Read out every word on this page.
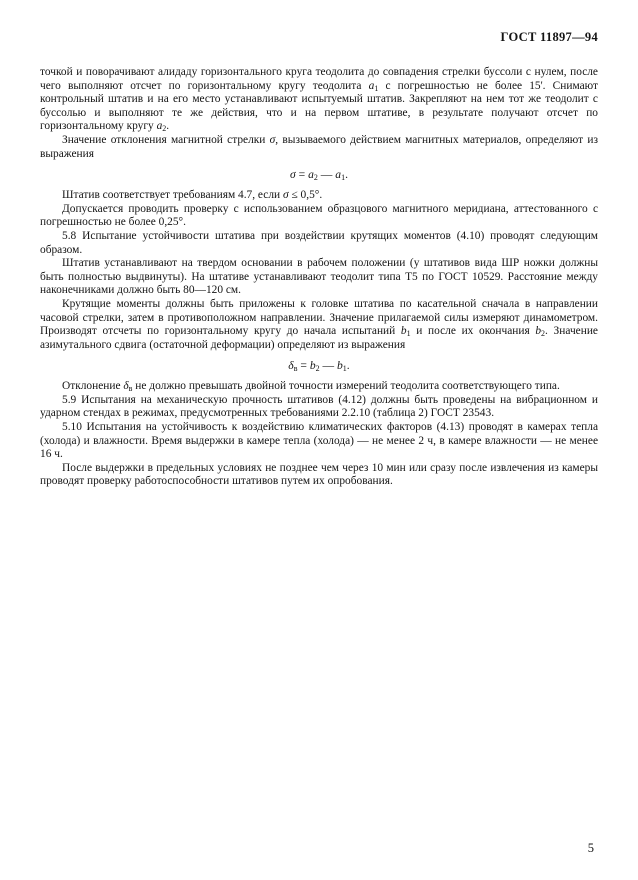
ГОСТ 11897—94

точкой и поворачивают алидаду горизонтального круга теодолита до совпадения стрелки буссоли с нулем, после чего выполняют отсчет по горизонтальному кругу теодолита $a_1$ с погрешностью не более 15'. Снимают контрольный штатив и на его место устанавливают испытуемый штатив. Закрепляют на нем тот же теодолит с буссолью и выполняют те же действия, что и на первом штативе, в результате получают отсчет по горизонтальному кругу $a_2$.

Значение отклонения магнитной стрелки σ, вызываемого действием магнитных материалов, определяют из выражения

$\sigma = a_2$ — $a_1$.

Штатив соответствует требованиям 4.7, если σ ≤ 0,5°.

Допускается проводить проверку с использованием образцового магнитного меридиана, аттестованного с погрешностью не более 0,25°.

5.8 Испытание устойчивости штатива при воздействии крутящих моментов (4.10) проводят следующим образом.

Штатив устанавливают на твердом основании в рабочем положении (у штативов вида ШР ножки должны быть полностью выдвинуты). На штативе устанавливают теодолит типа Т5 по ГОСТ 10529. Расстояние между наконечниками должно быть 80—120 см.

Крутящие моменты должны быть приложены к головке штатива по касательной сначала в направлении часовой стрелки, затем в противоположном направлении. Значение прилагаемой силы измеряют динамометром. Производят отсчеты по горизонтальному кругу до начала испытаний $b_1$ и после их окончания $b_2$. Значение азимутального сдвига (остаточной деформации) определяют из выражения

$\delta_в = b_2$ — $b_1$.

Отклонение $\delta_в$ не должно превышать двойной точности измерений теодолита соответствующего типа.

5.9 Испытания на механическую прочность штативов (4.12) должны быть проведены на вибрационном и ударном стендах в режимах, предусмотренных требованиями 2.2.10 (таблица 2) ГОСТ 23543.

5.10 Испытания на устойчивость к воздействию климатических факторов (4.13) проводят в камерах тепла (холода) и влажности. Время выдержки в камере тепла (холода) — не менее 2 ч, в камере влажности — не менее 16 ч.

После выдержки в предельных условиях не позднее чем через 10 мин или сразу после извлечения из камеры проводят проверку работоспособности штативов путем их опробования.

5
